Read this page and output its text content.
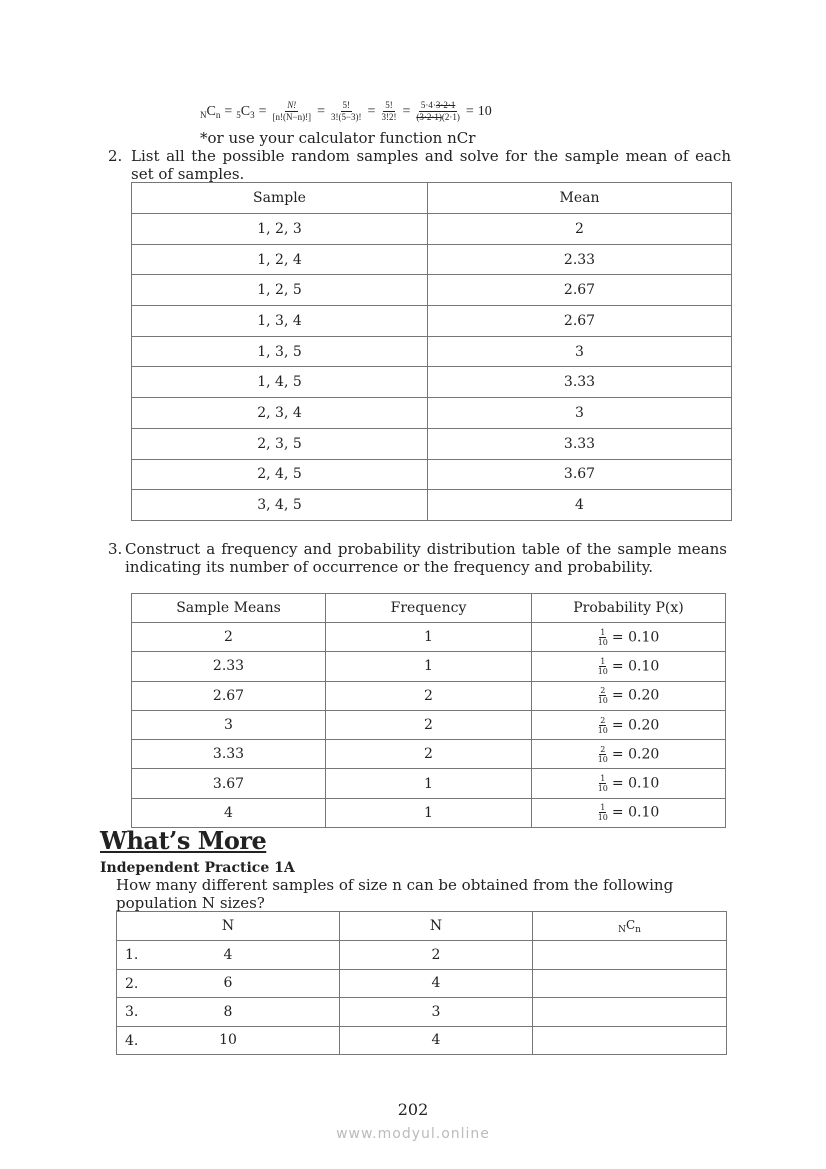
$_NC_n = _5C_3 = \frac{N!}{[n!(N-n)!]} = \frac{5!}{3!(5-3)!} = \frac{5!}{3!2!} = \frac{5\cdot 4\cdot 3\cdot 2\cdot 1}{(3\cdot 2\cdot 1)(2\cdot 1)} = 10$
*or use your calculator function nCr
2. List all the possible random samples and solve for the sample mean of each set of samples.
Sample	Mean
1, 2, 3	2
1, 2, 4	2.33
1, 2, 5	2.67
1, 3, 4	2.67
1, 3, 5	3
1, 4, 5	3.33
2, 3, 4	3
2, 3, 5	3.33
2, 4, 5	3.67
3, 4, 5	4
3. Construct a frequency and probability distribution table of the sample means indicating its number of occurrence or the frequency and probability.
Sample Means	Frequency	Probability P(x)
2	1	$\frac{1}{10} = 0.10$
2.33	1	$\frac{1}{10} = 0.10$
2.67	2	$\frac{2}{10} = 0.20$
3	2	$\frac{2}{10} = 0.20$
3.33	2	$\frac{2}{10} = 0.20$
3.67	1	$\frac{1}{10} = 0.10$
4	1	$\frac{1}{10} = 0.10$
What’s More
Independent Practice 1A
How many different samples of size n can be obtained from the following population N sizes?
N	N	$_NC_n$

1. 4	2	

2. 6	4	

3. 8	3	

4. 10	4	
202
www.modyul.online
